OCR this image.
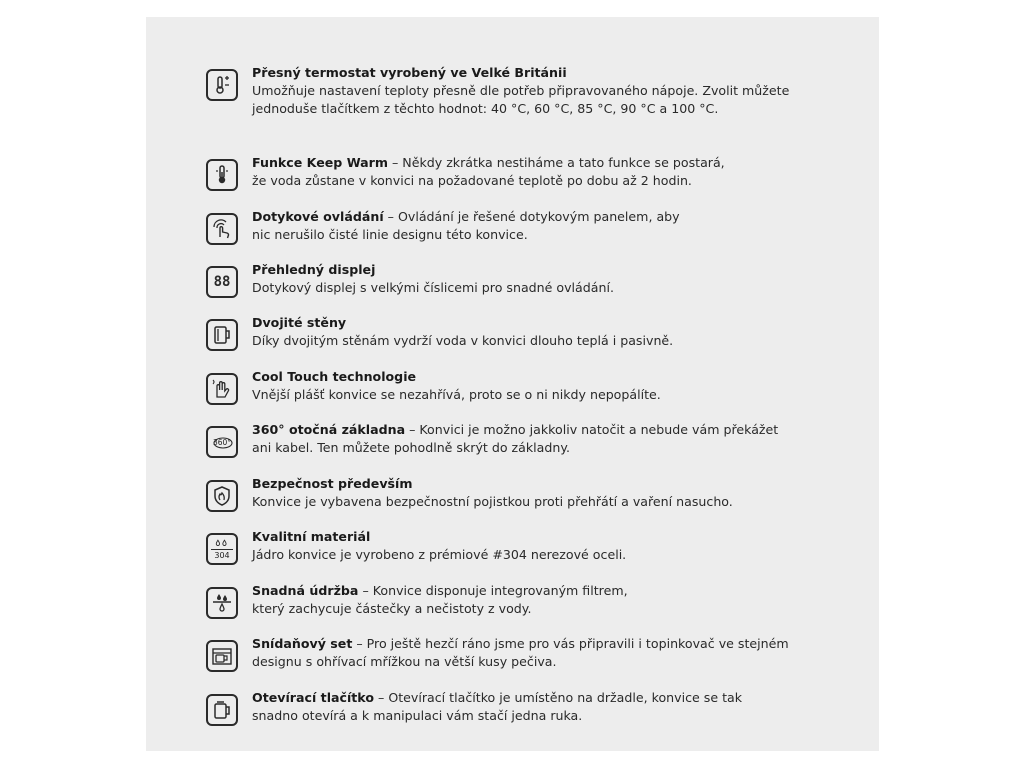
Přesný termostat vyrobený ve Velké Británii
Umožňuje nastavení teploty přesně dle potřeb připravovaného nápoje. Zvolit můžete
jednoduše tlačítkem z těchto hodnot: 40 °C, 60 °C, 85 °C, 90 °C a 100 °C.
Funkce Keep Warm – Někdy zkrátka nestiháme a tato funkce se postará,
že voda zůstane v konvici na požadované teplotě po dobu až 2 hodin.
Dotykové ovládání – Ovládání je řešené dotykovým panelem, aby
nic nerušilo čisté linie designu této konvice.
88
Přehledný displej
Dotykový displej s velkými číslicemi pro snadné ovládání.
Dvojité stěny
Díky dvojitým stěnám vydrží voda v konvici dlouho teplá i pasivně.
Cool Touch technologie
Vnější plášť konvice se nezahřívá, proto se o ni nikdy nepopálíte.
360°
360° otočná základna – Konvici je možno jakkoliv natočit a nebude vám překážet
ani kabel. Ten můžete pohodlně skrýt do základny.
Bezpečnost především
Konvice je vybavena bezpečnostní pojistkou proti přehřátí a vaření nasucho.
304
Kvalitní materiál
Jádro konvice je vyrobeno z prémiové #304 nerezové oceli.
Snadná údržba – Konvice disponuje integrovaným filtrem,
který zachycuje částečky a nečistoty z vody.
Snídaňový set – Pro ještě hezčí ráno jsme pro vás připravili i topinkovač ve stejném
designu s ohřívací mřížkou na větší kusy pečiva.
Otevírací tlačítko – Otevírací tlačítko je umístěno na držadle, konvice se tak
snadno otevírá a k manipulaci vám stačí jedna ruka.
